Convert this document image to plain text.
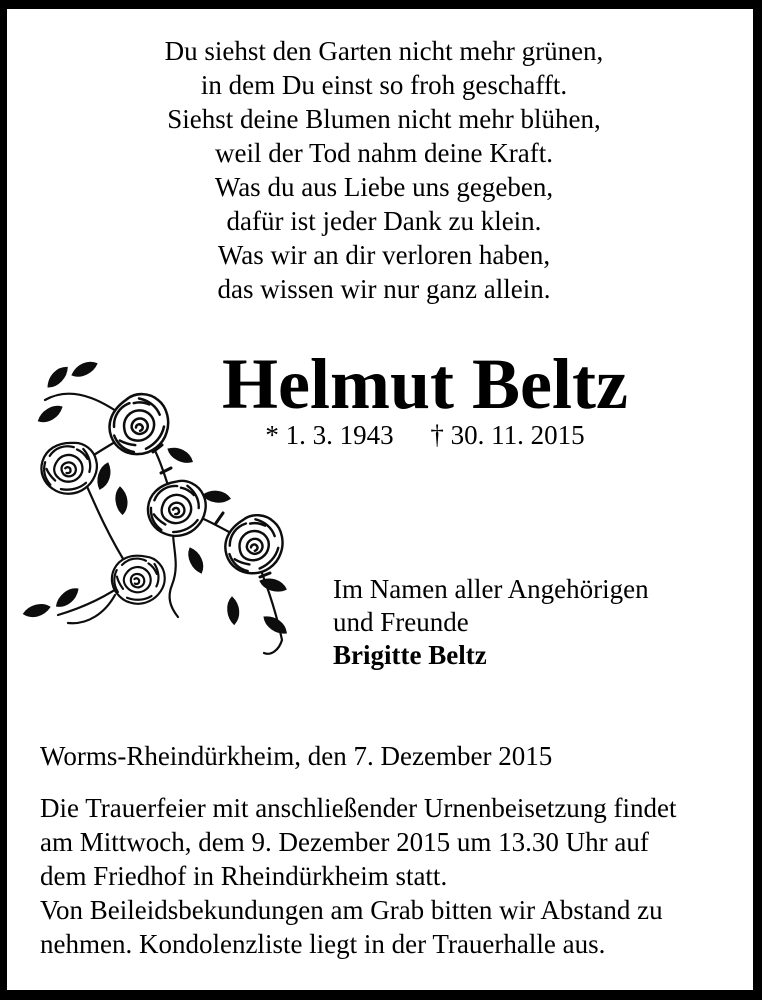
Du siehst den Garten nicht mehr grünen,
in dem Du einst so froh geschafft.
Siehst deine Blumen nicht mehr blühen,
weil der Tod nahm deine Kraft.
Was du aus Liebe uns gegeben,
dafür ist jeder Dank zu klein.
Was wir an dir verloren haben,
das wissen wir nur ganz allein.
Helmut Beltz
* 1. 3. 1943 † 30. 11. 2015
Im Namen aller Angehörigen
und Freunde
Brigitte Beltz
Worms-Rheindürkheim, den 7. Dezember 2015
Die Trauerfeier mit anschließender Urnenbeisetzung findet
am Mittwoch, dem 9. Dezember 2015 um 13.30 Uhr auf
dem Friedhof in Rheindürkheim statt.
Von Beileidsbekundungen am Grab bitten wir Abstand zu
nehmen. Kondolenzliste liegt in der Trauerhalle aus.
